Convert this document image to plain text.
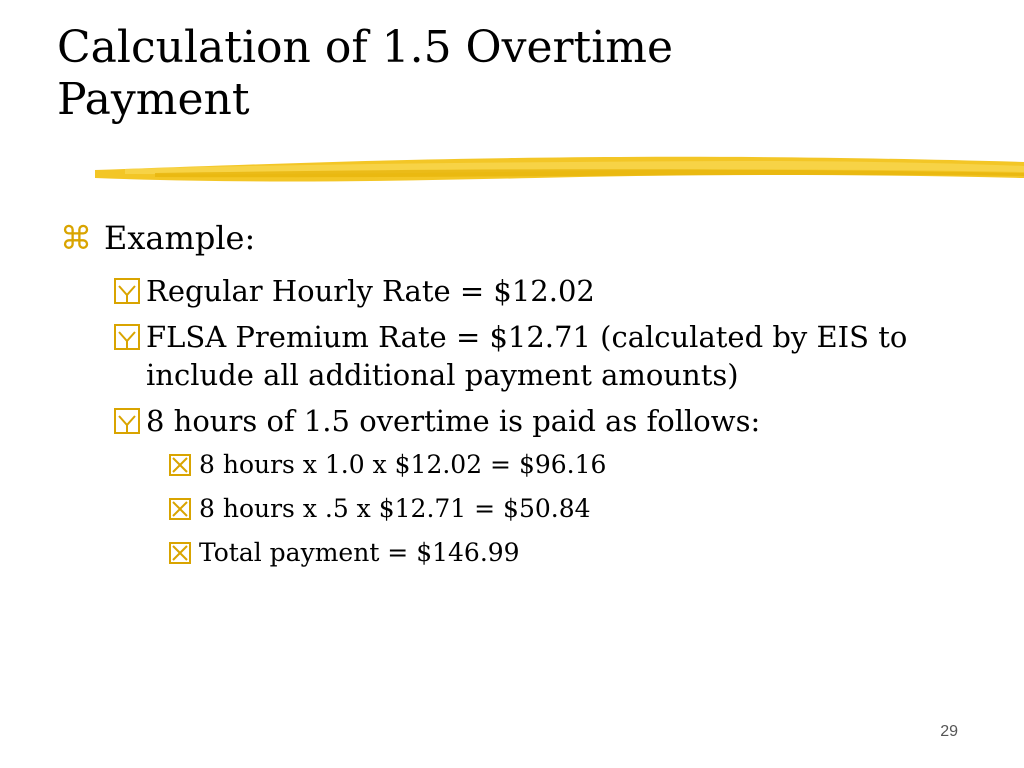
Calculation of 1.5 Overtime
Payment
⌘ Example:
Regular Hourly Rate = $12.02
FLSA Premium Rate = $12.71 (calculated by EIS to include all additional payment amounts)
8 hours of 1.5 overtime is paid as follows:
8 hours x 1.0 x $12.02 = $96.16
8 hours x .5 x $12.71 = $50.84
Total payment = $146.99
29
